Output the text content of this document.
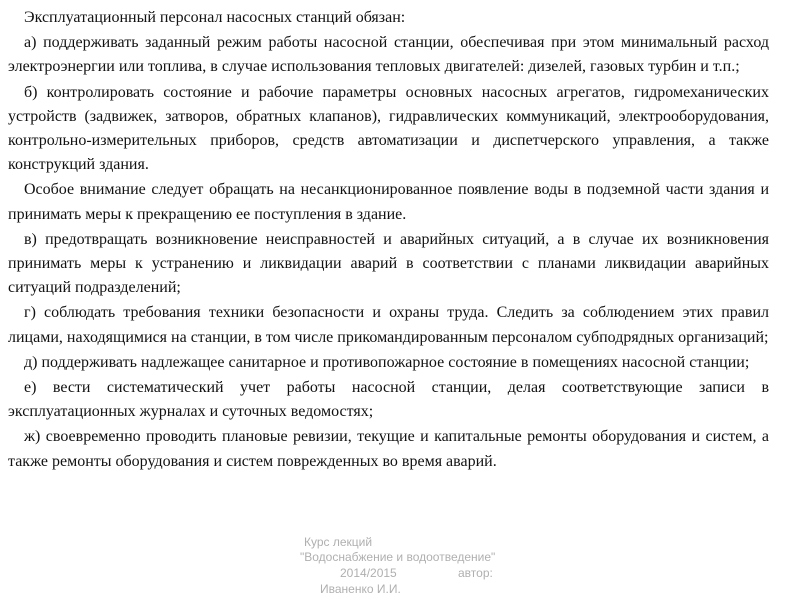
Эксплуатационный персонал насосных станций обязан:

а) поддерживать заданный режим работы насосной станции, обеспечивая при этом минимальный расход электроэнергии или топлива, в случае использования тепловых двигателей: дизелей, газовых турбин и т.п.;

б) контролировать состояние и рабочие параметры основных насосных агрегатов, гидромеханических устройств (задвижек, затворов, обратных клапанов), гидравлических коммуникаций, электрооборудования, контрольно-измерительных приборов, средств автоматизации и диспетчерского управления, а также конструкций здания.

Особое внимание следует обращать на несанкционированное появление воды в подземной части здания и принимать меры к прекращению ее поступления в здание.

в) предотвращать возникновение неисправностей и аварийных ситуаций, а в случае их возникновения принимать меры к устранению и ликвидации аварий в соответствии с планами ликвидации аварийных ситуаций подразделений;

г) соблюдать требования техники безопасности и охраны труда. Следить за соблюдением этих правил лицами, находящимися на станции, в том числе прикомандированным персоналом субподрядных организаций;

д) поддерживать надлежащее санитарное и противопожарное состояние в помещениях насосной станции;

е) вести систематический учет работы насосной станции, делая соответствующие записи в эксплуатационных журналах и суточных ведомостях;

ж) своевременно проводить плановые ревизии, текущие и капитальные ремонты оборудования и систем, а также ремонты оборудования и систем поврежденных во время аварий.

Курс лекций
"Водоснабжение и водоотведение"
2014/2015	автор:
Иваненко И.И.
